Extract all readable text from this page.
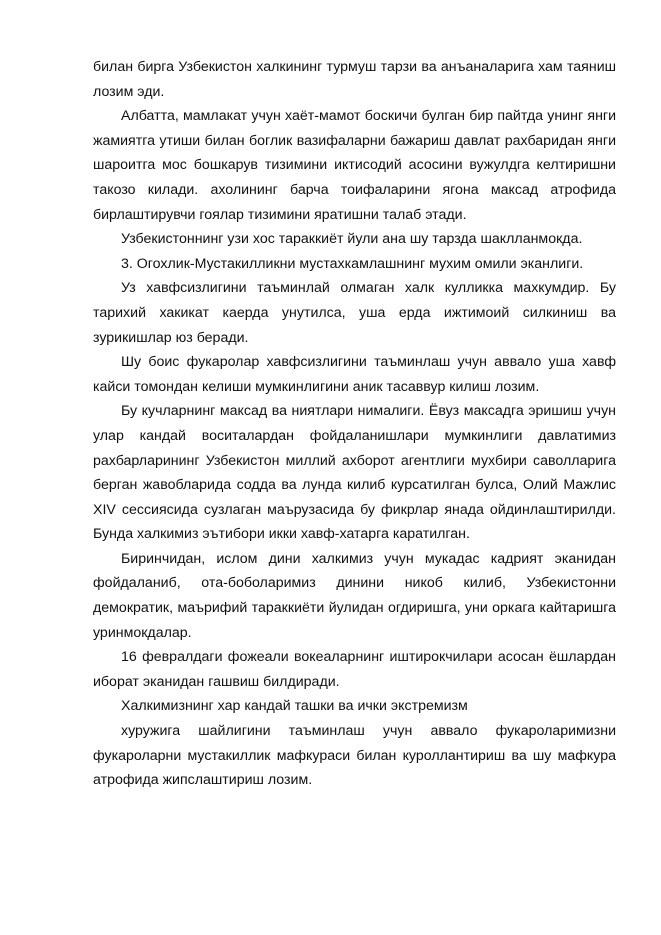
билан бирга Узбекистон халкининг турмуш тарзи ва анъаналарига хам таяниш лозим эди.

Албатта, мамлакат учун хаёт-мамот боскичи булган бир пайтда унинг янги жамиятга утиши билан боглик вазифаларни бажариш давлат рахбаридан янги шароитга мос бошкарув тизимини иктисодий асосини вужулдга келтиришни такозо килади. ахолининг барча тоифаларини ягона максад атрофида бирлаштирувчи гоялар тизимини яратишни талаб этади.

Узбекистоннинг узи хос тараккиёт йули ана шу тарзда шаклланмокда.

3. Огохлик-Мустакилликни мустахкамлашнинг мухим омили эканлиги.

Уз хавфсизлигини таъминлай олмаган халк кулликка махкумдир. Бу тарихий хакикат каерда унутилса, уша ерда ижтимоий силкиниш ва зурикишлар юз беради.

Шу боис фукаролар хавфсизлигини таъминлаш учун аввало уша хавф кайси томондан келиши мумкинлигини аник тасаввур килиш лозим.

Бу кучларнинг максад ва ниятлари нималиги. Ёвуз максадга эришиш учун улар кандай воситалардан фойдаланишлари мумкинлиги давлатимиз рахбарларининг Узбекистон миллий ахборот агентлиги мухбири саволларига берган жавобларида содда ва лунда килиб курсатилган булса, Олий Мажлис XIV сессиясида сузлаган маърузасида бу фикрлар янада ойдинлаштирилди. Бунда халкимиз эътибори икки хавф-хатарга каратилган.

Биринчидан, ислом дини халкимиз учун мукадас кадрият эканидан фойдаланиб, ота-боболаримиз динини никоб килиб, Узбекистонни демократик, маърифий тараккиёти йулидан огдиришга, уни оркага кайтаришга уринмокдалар.

16 февралдаги фожеали вокеаларнинг иштирокчилари асосан ёшлардан иборат эканидан гашвиш билдиради.

Халкимизнинг хар кандай ташки ва ички экстремизм

хуружига шайлигини таъминлаш учун аввало фукароларимизни фукароларни мустакиллик мафкураси билан куроллантириш ва шу мафкура атрофида жипслаштириш лозим.
